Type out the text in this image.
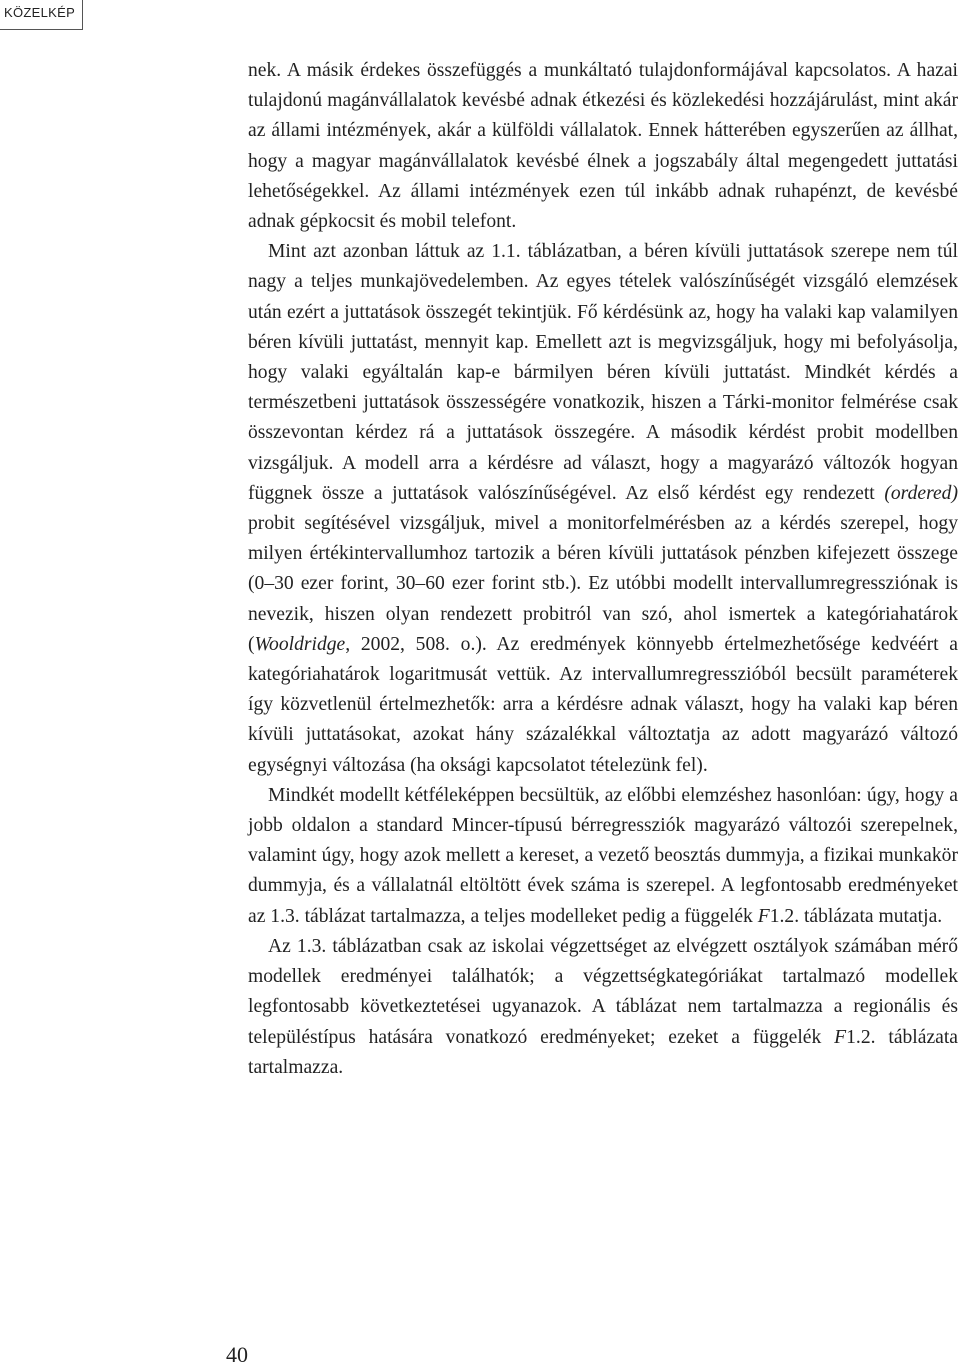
KÖZELKÉP

nek. A másik érdekes összefüggés a munkáltató tulajdonformájával kapcsolatos. A hazai tulajdonú magánvállalatok kevésbé adnak étkezési és közlekedési hozzájárulást, mint akár az állami intézmények, akár a külföldi vállalatok. Ennek hátterében egyszerűen az állhat, hogy a magyar magánvállalatok kevésbé élnek a jogszabály által megengedett juttatási lehetőségekkel. Az állami intézmények ezen túl inkább adnak ruhapénzt, de kevésbé adnak gépkocsit és mobil telefont.

Mint azt azonban láttuk az 1.1. táblázatban, a béren kívüli juttatások szerepe nem túl nagy a teljes munkajövedelemben. Az egyes tételek valószínűségét vizsgáló elemzések után ezért a juttatások összegét tekintjük. Fő kérdésünk az, hogy ha valaki kap valamilyen béren kívüli juttatást, mennyit kap. Emellett azt is megvizsgáljuk, hogy mi befolyásolja, hogy valaki egyáltalán kap-e bármilyen béren kívüli juttatást. Mindkét kérdés a természetbeni juttatások összességére vonatkozik, hiszen a Tárki-monitor felmérése csak összevontan kérdez rá a juttatások összegére. A második kérdést probit modellben vizsgáljuk. A modell arra a kérdésre ad választ, hogy a magyarázó változók hogyan függnek össze a juttatások valószínűségével. Az első kérdést egy rendezett (ordered) probit segítésével vizsgáljuk, mivel a monitorfelmérésben az a kérdés szerepel, hogy milyen értékintervallumhoz tartozik a béren kívüli juttatások pénzben kifejezett összege (0–30 ezer forint, 30–60 ezer forint stb.). Ez utóbbi modellt intervallumregressziónak is nevezik, hiszen olyan rendezett probitról van szó, ahol ismertek a kategóriahatárok (Wooldridge, 2002, 508. o.). Az eredmények könnyebb értelmezhetősége kedvéért a kategóriahatárok logaritmusát vettük. Az intervallumregresszióból becsült paraméterek így közvetlenül értelmezhetők: arra a kérdésre adnak választ, hogy ha valaki kap béren kívüli juttatásokat, azokat hány százalékkal változtatja az adott magyarázó változó egységnyi változása (ha oksági kapcsolatot tételezünk fel).

Mindkét modellt kétféleképpen becsültük, az előbbi elemzéshez hasonlóan: úgy, hogy a jobb oldalon a standard Mincer-típusú bérregressziók magyarázó változói szerepelnek, valamint úgy, hogy azok mellett a kereset, a vezető beosztás dummyja, a fizikai munkakör dummyja, és a vállalatnál eltöltött évek száma is szerepel. A legfontosabb eredményeket az 1.3. táblázat tartalmazza, a teljes modelleket pedig a függelék F1.2. táblázata mutatja.

Az 1.3. táblázatban csak az iskolai végzettséget az elvégzett osztályok számában mérő modellek eredményei találhatók; a végzettségkategóriákat tartalmazó modellek legfontosabb következtetései ugyanazok. A táblázat nem tartalmazza a regionális és településtípus hatására vonatkozó eredményeket; ezeket a függelék F1.2. táblázata tartalmazza.

40
